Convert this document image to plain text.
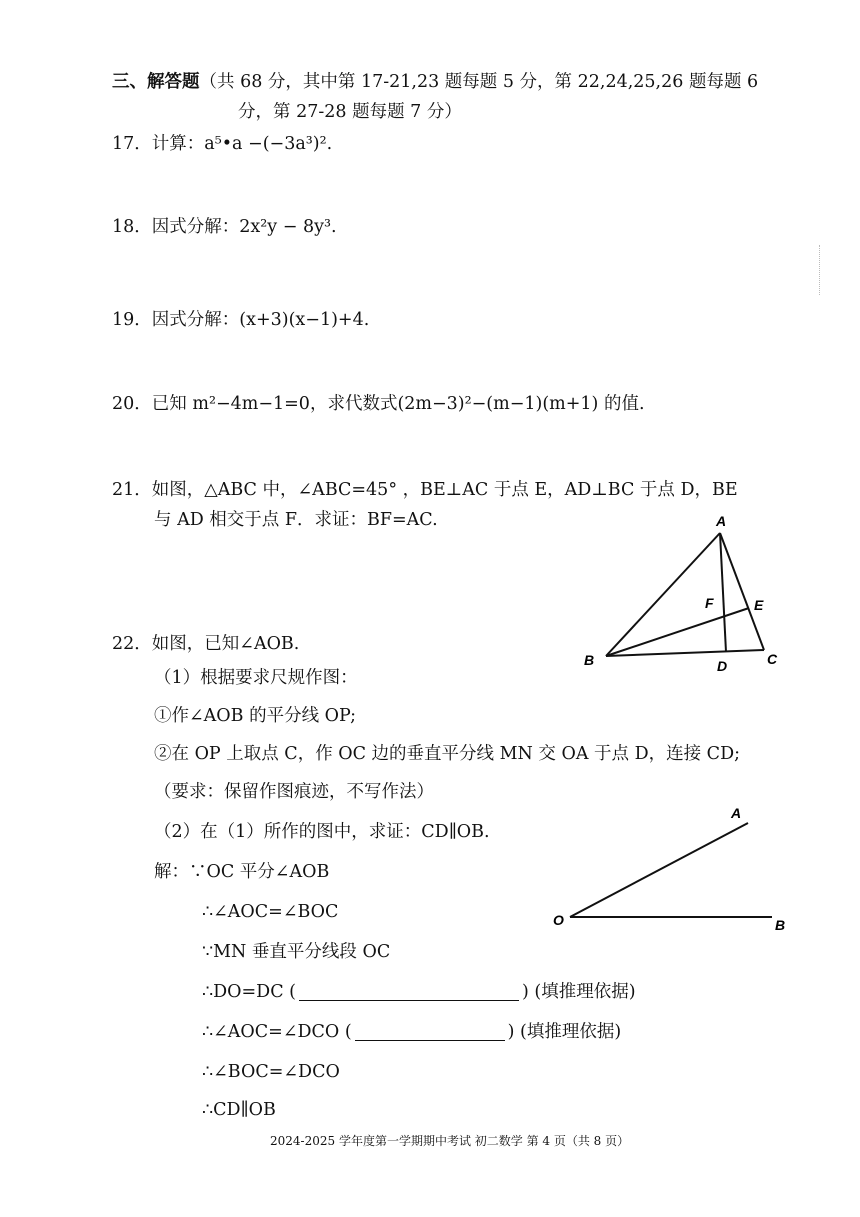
三、解答题（共 68 分，其中第 17-21,23 题每题 5 分，第 22,24,25,26 题每题 6
分，第 27-28 题每题 7 分）
17．计算：a⁵•a −(−3a³)².
18．因式分解：2x²y − 8y³.
19．因式分解：(x+3)(x−1)+4.
20．已知 m²−4m−1=0，求代数式(2m−3)²−(m−1)(m+1) 的值.
21．如图，△ABC 中，∠ABC=45° ，BE⊥AC 于点 E，AD⊥BC 于点 D，BE
与 AD 相交于点 F．求证：BF=AC.	A
B	C
D
E
F
A
O	B
22．如图，已知∠AOB.
（1）根据要求尺规作图：
①作∠AOB 的平分线 OP;
②在 OP 上取点 C，作 OC 边的垂直平分线 MN 交 OA 于点 D，连接 CD;
（要求：保留作图痕迹，不写作法）
（2）在（1）所作的图中，求证：CD∥OB.
解：∵OC 平分∠AOB
∴∠AOC=∠BOC
∵MN 垂直平分线段 OC
∴DO=DC (	) (填推理依据)
∴∠AOC=∠DCO (	) (填推理依据)
∴∠BOC=∠DCO
∴CD∥OB
2024-2025 学年度第一学期期中考试 初二数学 第 4 页（共 8 页）
